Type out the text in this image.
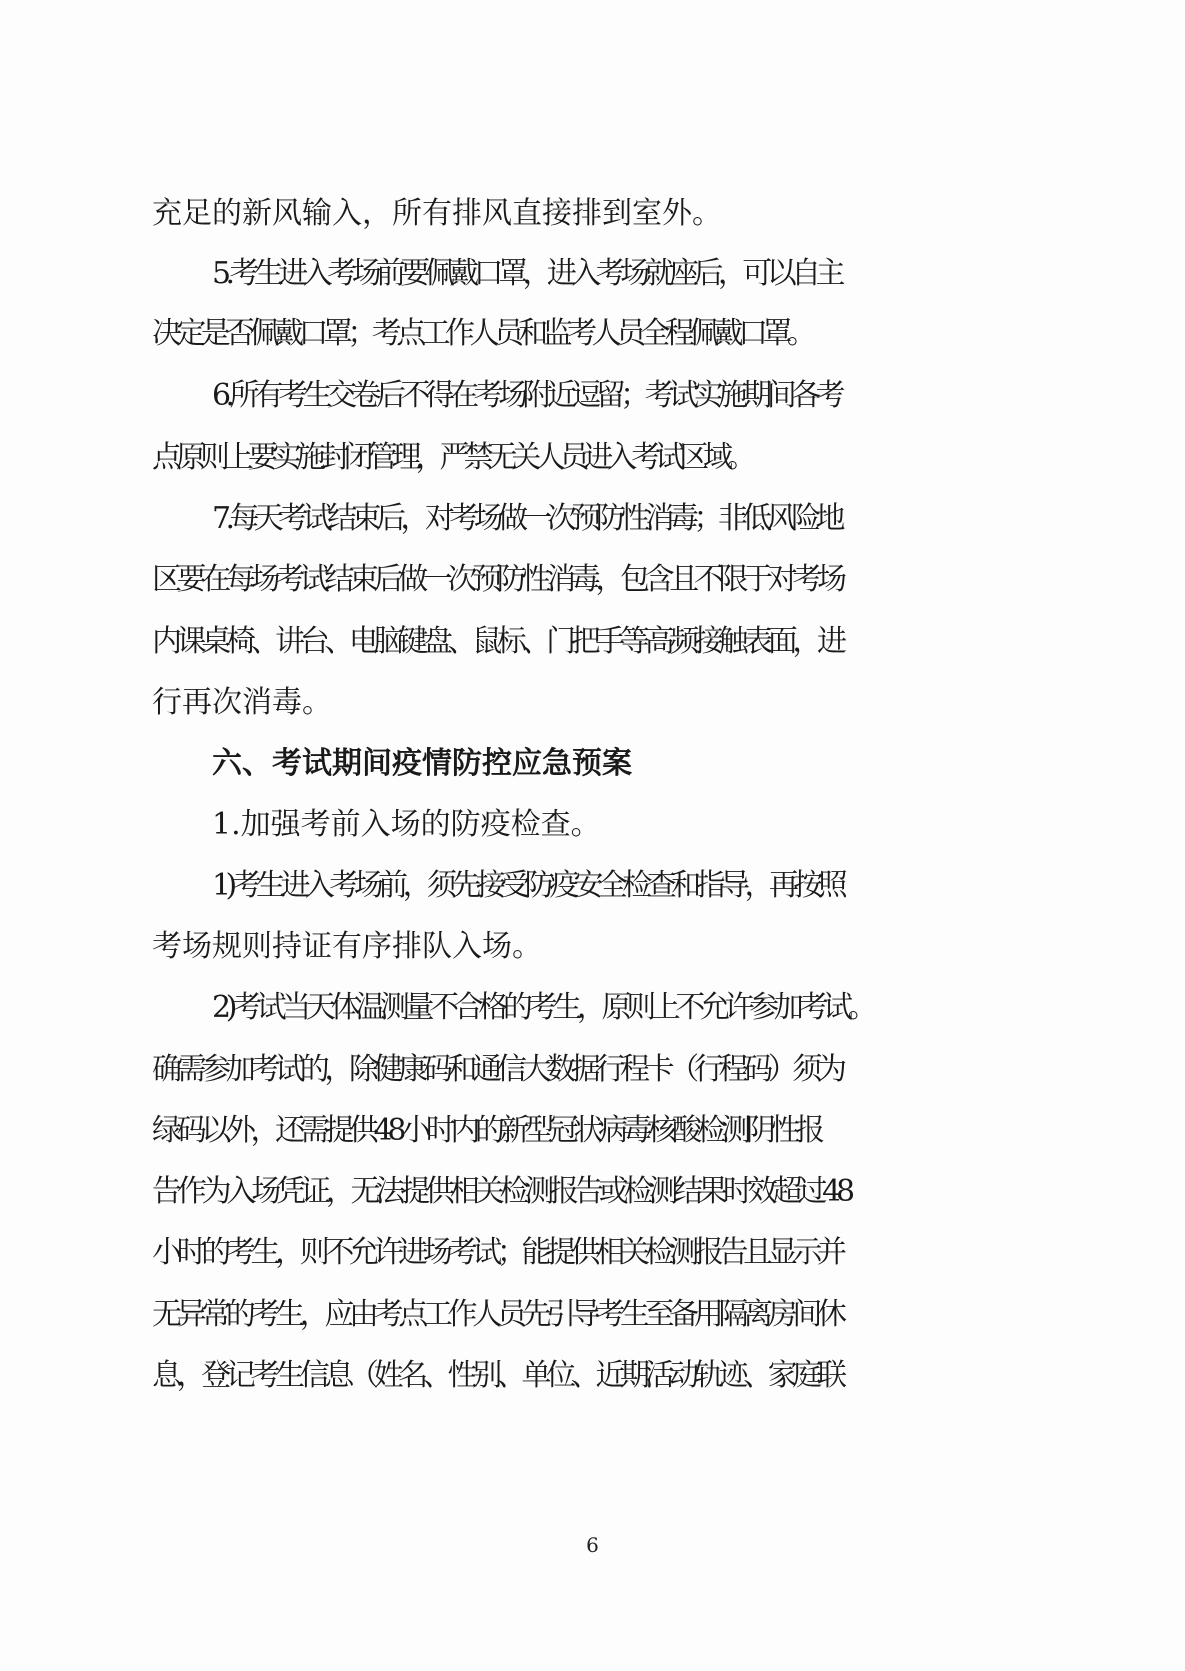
充足的新风输入，所有排风直接排到室外。
5.考生进入考场前要佩戴口罩，进入考场就座后，可以自主
决定是否佩戴口罩；考点工作人员和监考人员全程佩戴口罩。
6.所有考生交卷后不得在考场附近逗留；考试实施期间各考
点原则上要实施封闭管理，严禁无关人员进入考试区域。
7.每天考试结束后，对考场做一次预防性消毒；非低风险地
区要在每场考试结束后做一次预防性消毒，包含且不限于对考场
内课桌椅、讲台、电脑键盘、鼠标、门把手等高频接触表面，进
行再次消毒。
六、考试期间疫情防控应急预案
1.加强考前入场的防疫检查。
1)考生进入考场前，须先接受防疫安全检查和指导，再按照
考场规则持证有序排队入场。
2)考试当天体温测量不合格的考生，原则上不允许参加考试。
确需参加考试的，除健康码和通信大数据行程卡（行程码）须为
绿码以外，还需提供48小时内的新型冠状病毒核酸检测阴性报
告作为入场凭证，无法提供相关检测报告或检测结果时效超过48
小时的考生，则不允许进场考试；能提供相关检测报告且显示并
无异常的考生，应由考点工作人员先引导考生至备用隔离房间休
息，登记考生信息（姓名、性别、单位、近期活动轨迹、家庭联
6
